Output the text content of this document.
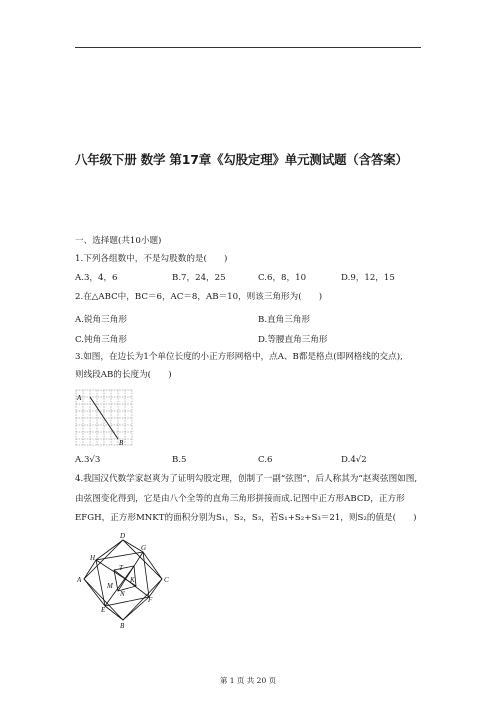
八年级下册 数学 第17章《勾股定理》单元测试题（含答案）
一、选择题(共10小题)
1.下列各组数中，不是勾股数的是(　　)
A.3，4，6	B.7，24，25	C.6，8，10	D.9，12，15
2.在△ABC中，BC＝6，AC＝8，AB＝10，则该三角形为(　　)
A.锐角三角形	B.直角三角形
C.钝角三角形	D.等腰直角三角形
3.如图，在边长为1个单位长度的小正方形网格中，点A、B都是格点(即网格线的交点),
则线段AB的长度为(　　)
A
B
A.3√3	B.5	C.6	D.4√2
4.我国汉代数学家赵爽为了证明勾股定理，创制了一副“弦图”，后人称其为“赵爽弦图如图,
由弦图变化得到，它是由八个全等的直角三角形拼接而成.记图中正方形ABCD，正方形
EFGH，正方形MNKT的面积分别为S₁，S₂，S₃，若S₁+S₂+S₃＝21，则S₂的值是(　　)
D
G
H
T
A	K	C
M
N
E
F
B
第 1 页 共 20 页
